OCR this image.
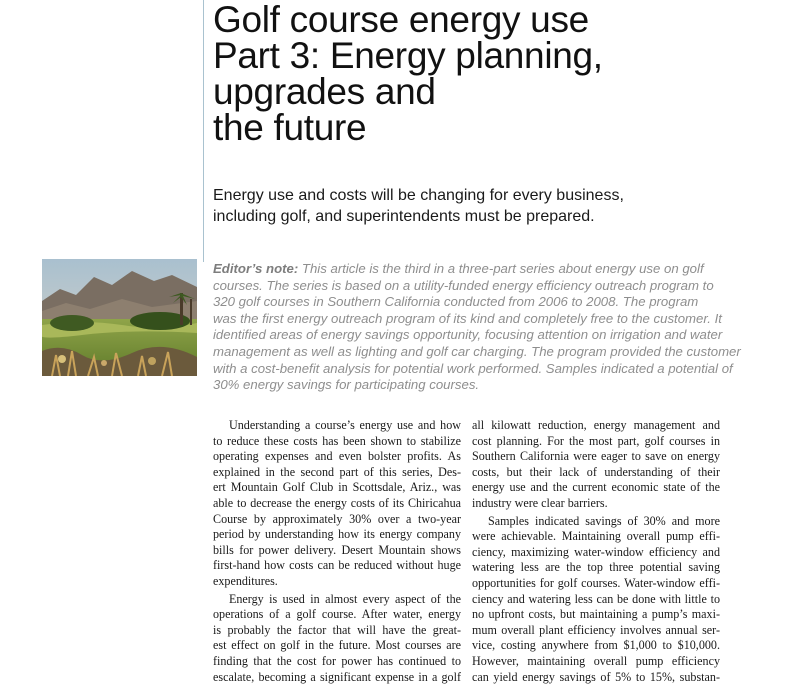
Golf course energy use
Part 3: Energy planning,
upgrades and
the future

Energy use and costs will be changing for every business,
including golf, and superintendents must be prepared.

Editor’s note: This article is the third in a three-part series about energy use on golf
courses. The series is based on a utility-funded energy efficiency outreach program to
320 golf courses in Southern California conducted from 2006 to 2008. The program
was the first energy outreach program of its kind and completely free to the customer. It
identified areas of energy savings opportunity, focusing attention on irrigation and water
management as well as lighting and golf car charging. The program provided the customer
with a cost-benefit analysis for potential work performed. Samples indicated a potential of
30% energy savings for participating courses.

Understanding a course’s energy use and how
to reduce these costs has been shown to stabilize
operating expenses and even bolster profits. As
explained in the second part of this series, Des-
ert Mountain Golf Club in Scottsdale, Ariz., was
able to decrease the energy costs of its Chiricahua
Course by approximately 30% over a two-year
period by understanding how its energy company
bills for power delivery. Desert Mountain shows
first-hand how costs can be reduced without huge
expenditures.

Energy is used in almost every aspect of the
operations of a golf course. After water, energy
is probably the factor that will have the great-
est effect on golf in the future. Most courses are
finding that the cost for power has continued to
escalate, becoming a significant expense in a golf

all kilowatt reduction, energy management and
cost planning. For the most part, golf courses in
Southern California were eager to save on energy
costs, but their lack of understanding of their
energy use and the current economic state of the
industry were clear barriers.

Samples indicated savings of 30% and more
were achievable. Maintaining overall pump effi-
ciency, maximizing water-window efficiency and
watering less are the top three potential saving
opportunities for golf courses. Water-window effi-
ciency and watering less can be done with little to
no upfront costs, but maintaining a pump’s maxi-
mum overall plant efficiency involves annual ser-
vice, costing anywhere from $1,000 to $10,000.
However, maintaining overall pump efficiency
can yield energy savings of 5% to 15%, substan-
